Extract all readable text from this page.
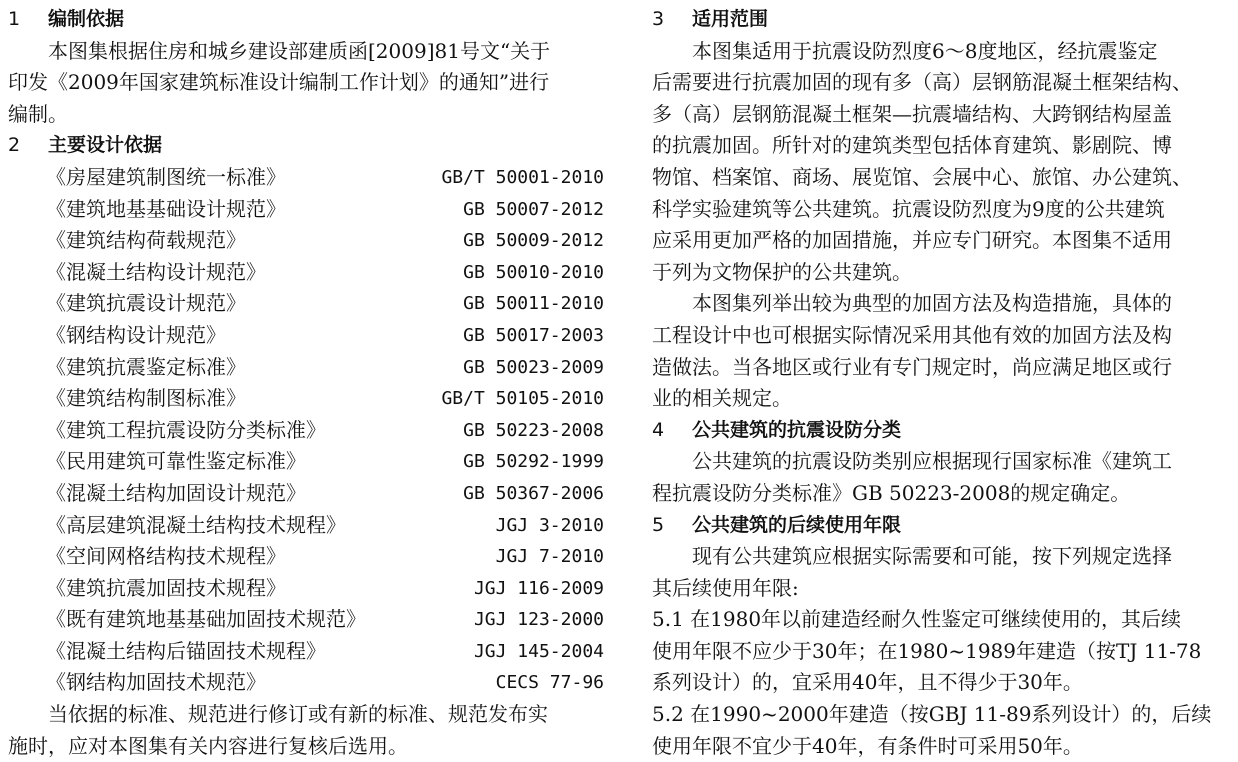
1 编制依据
本图集根据住房和城乡建设部建质函[2009]81号文“关于
印发《2009年国家建筑标准设计编制工作计划》的通知”进行
编制。
2 主要设计依据
《房屋建筑制图统一标准》	GB/T 50001-2010
《建筑地基基础设计规范》	GB 50007-2012
《建筑结构荷载规范》	GB 50009-2012
《混凝土结构设计规范》	GB 50010-2010
《建筑抗震设计规范》	GB 50011-2010
《钢结构设计规范》	GB 50017-2003
《建筑抗震鉴定标准》	GB 50023-2009
《建筑结构制图标准》	GB/T 50105-2010
《建筑工程抗震设防分类标准》	GB 50223-2008
《民用建筑可靠性鉴定标准》	GB 50292-1999
《混凝土结构加固设计规范》	GB 50367-2006
《高层建筑混凝土结构技术规程》	JGJ 3-2010
《空间网格结构技术规程》	JGJ 7-2010
《建筑抗震加固技术规程》	JGJ 116-2009
《既有建筑地基基础加固技术规范》	JGJ 123-2000
《混凝土结构后锚固技术规程》	JGJ 145-2004
《钢结构加固技术规范》	CECS 77-96
当依据的标准、规范进行修订或有新的标准、规范发布实
施时，应对本图集有关内容进行复核后选用。
3 适用范围
本图集适用于抗震设防烈度6～8度地区，经抗震鉴定
后需要进行抗震加固的现有多（高）层钢筋混凝土框架结构、
多（高）层钢筋混凝土框架—抗震墙结构、大跨钢结构屋盖
的抗震加固。所针对的建筑类型包括体育建筑、影剧院、博
物馆、档案馆、商场、展览馆、会展中心、旅馆、办公建筑、
科学实验建筑等公共建筑。抗震设防烈度为9度的公共建筑
应采用更加严格的加固措施，并应专门研究。本图集不适用
于列为文物保护的公共建筑。
本图集列举出较为典型的加固方法及构造措施，具体的
工程设计中也可根据实际情况采用其他有效的加固方法及构
造做法。当各地区或行业有专门规定时，尚应满足地区或行
业的相关规定。
4 公共建筑的抗震设防分类
公共建筑的抗震设防类别应根据现行国家标准《建筑工
程抗震设防分类标准》GB 50223-2008的规定确定。
5 公共建筑的后续使用年限
现有公共建筑应根据实际需要和可能，按下列规定选择
其后续使用年限:
5.1 在1980年以前建造经耐久性鉴定可继续使用的，其后续
使用年限不应少于30年；在1980~1989年建造（按TJ 11-78
系列设计）的，宜采用40年，且不得少于30年。
5.2 在1990~2000年建造（按GBJ 11-89系列设计）的，后续
使用年限不宜少于40年，有条件时可采用50年。
